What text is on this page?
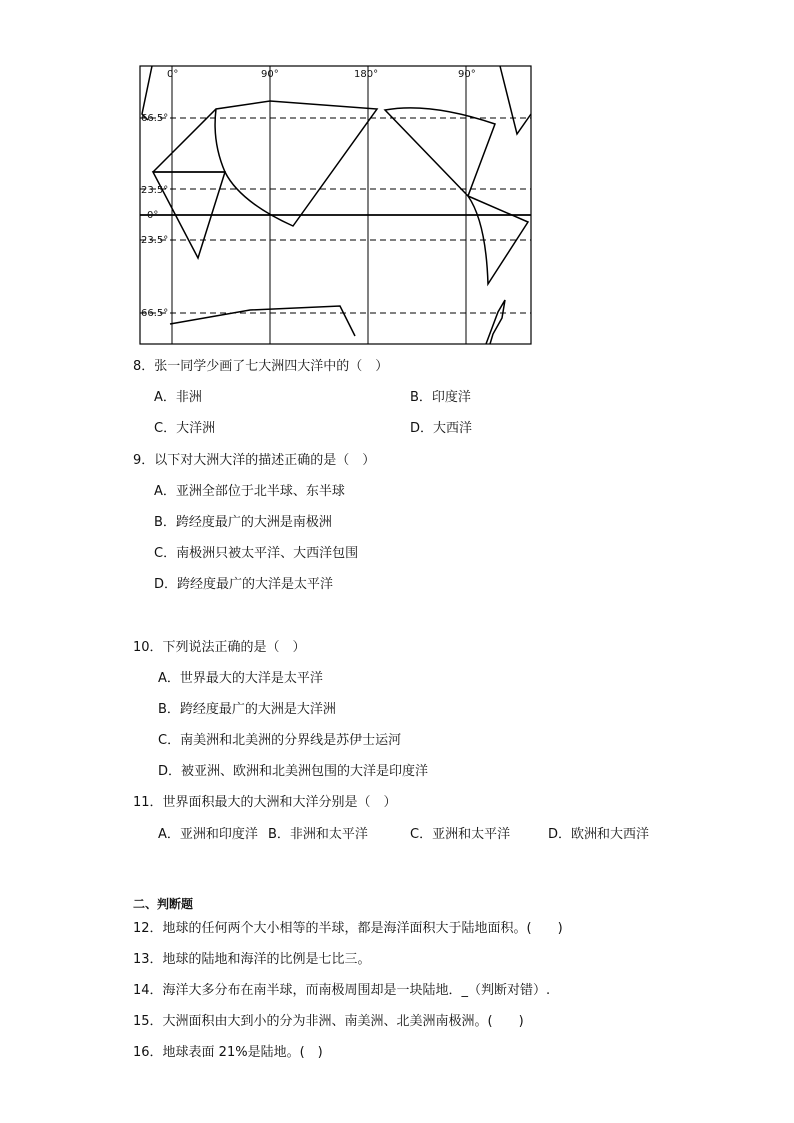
0°	90°	180°	90°
66.5°
23.5°
0°
23.5°
66.5°
8．张一同学少画了七大洲四大洋中的（　）
A．非洲	B．印度洋
C．大洋洲	D．大西洋
9．以下对大洲大洋的描述正确的是（　）
A．亚洲全部位于北半球、东半球
B．跨经度最广的大洲是南极洲
C．南极洲只被太平洋、大西洋包围
D．跨经度最广的大洋是太平洋
10．下列说法正确的是（　）
A．世界最大的大洋是太平洋
B．跨经度最广的大洲是大洋洲
C．南美洲和北美洲的分界线是苏伊士运河
D．被亚洲、欧洲和北美洲包围的大洋是印度洋
11．世界面积最大的大洲和大洋分别是（　）
A．亚洲和印度洋 B．非洲和太平洋	C．亚洲和太平洋	D．欧洲和大西洋
二、判断题
12．地球的任何两个大小相等的半球，都是海洋面积大于陆地面积。(　　)
13．地球的陆地和海洋的比例是七比三。
14．海洋大多分布在南半球，而南极周围却是一块陆地．_（判断对错）.
15．大洲面积由大到小的分为非洲、南美洲、北美洲南极洲。(　　)
16．地球表面 21%是陆地。(　)
